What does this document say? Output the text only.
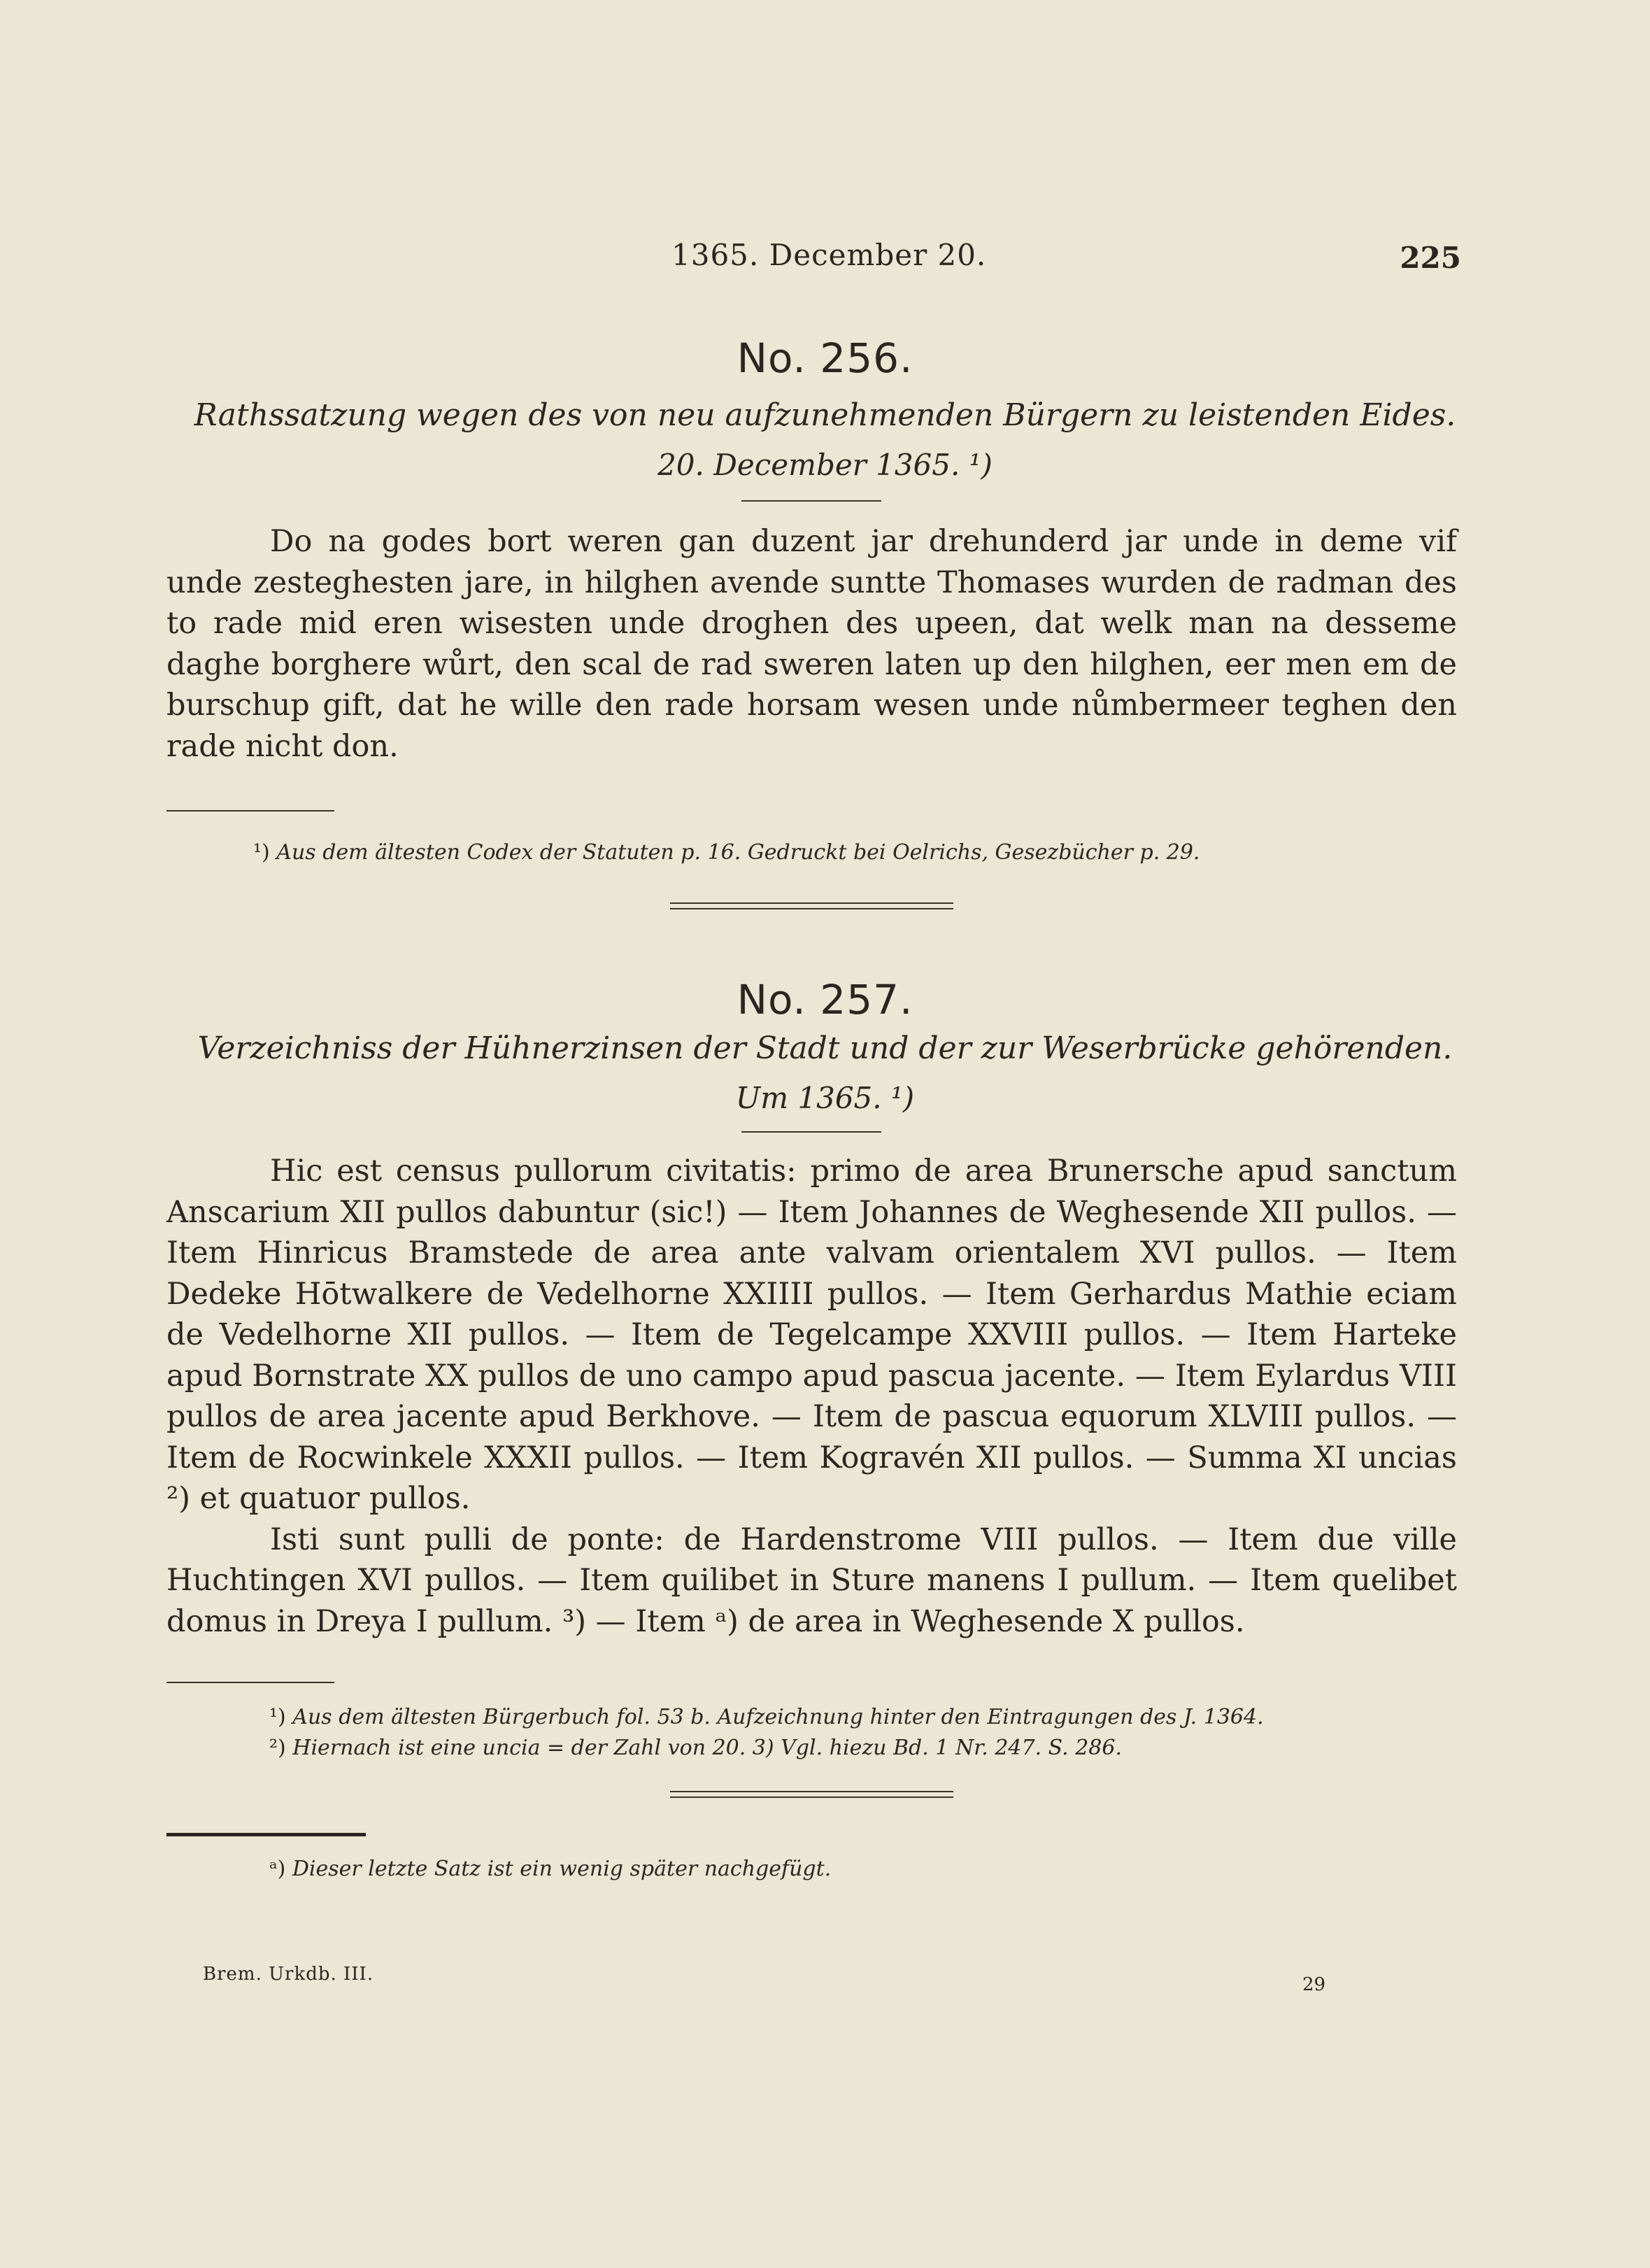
1365. December 20.	225
No. 256.
Rathssatzung wegen des von neu aufzunehmenden Bürgern zu leistenden Eides.
20. December 1365. ¹)

Do na godes bort weren gan duzent jar drehunderd jar unde in deme vif unde zesteghesten jare, in hilghen avende suntte Thomases wurden de radman des to rade mid eren wisesten unde droghen des upeen, dat welk man na desseme daghe borghere wůrt, den scal de rad sweren laten up den hilghen, eer men em de burschup gift, dat he wille den rade horsam wesen unde nůmbermeer teghen den rade nicht don.

¹) Aus dem ältesten Codex der Statuten p. 16. Gedruckt bei Oelrichs, Gesezbücher p. 29.
No. 257.
Verzeichniss der Hühnerzinsen der Stadt und der zur Weserbrücke gehörenden.
Um 1365. ¹)

Hic est census pullorum civitatis: primo de area Brunersche apud sanctum Anscarium XII pullos dabuntur (sic!) — Item Johannes de Weghesende XII pullos. — Item Hinricus Bramstede de area ante valvam orientalem XVI pullos. — Item Dedeke Hōtwalkere de Vedelhorne XXIIII pullos. — Item Gerhardus Mathie eciam de Vedelhorne XII pullos. — Item de Tegelcampe XXVIII pullos. — Item Harteke apud Bornstrate XX pullos de uno campo apud pascua jacente. — Item Eylardus VIII pullos de area jacente apud Berkhove. — Item de pascua equorum XLVIII pullos. — Item de Rocwinkele XXXII pullos. — Item Kogravén XII pullos. — Summa XI uncias ²) et quatuor pullos.

Isti sunt pulli de ponte: de Hardenstrome VIII pullos. — Item due ville Huchtingen XVI pullos. — Item quilibet in Sture manens I pullum. — Item quelibet domus in Dreya I pullum. ³) — Item ᵃ) de area in Weghesende X pullos.

¹) Aus dem ältesten Bürgerbuch fol. 53 b. Aufzeichnung hinter den Eintragungen des J. 1364.
²) Hiernach ist eine uncia = der Zahl von 20. 3) Vgl. hiezu Bd. 1 Nr. 247. S. 286.
ᵃ) Dieser letzte Satz ist ein wenig später nachgefügt.
Brem. Urkdb. III.	29
